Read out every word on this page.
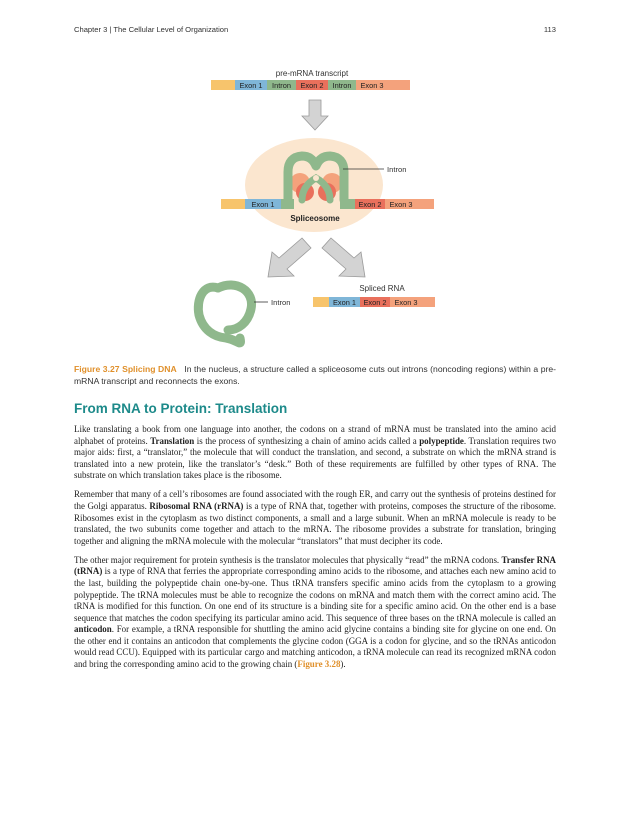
Chapter 3 | The Cellular Level of Organization	113
pre-mRNA transcript
Exon 1 Intron Exon 2 Intron Exon 3
Intron
Exon 1	Exon 2 Exon 3
Spliceosome
Intron
Spliced RNA
Exon 1 Exon 2 Exon 3
Figure 3.27 Splicing DNA In the nucleus, a structure called a spliceosome cuts out introns (noncoding regions) within a pre-mRNA transcript and reconnects the exons.
From RNA to Protein: Translation

Like translating a book from one language into another, the codons on a strand of mRNA must be translated into the amino acid alphabet of proteins. Translation is the process of synthesizing a chain of amino acids called a polypeptide. Translation requires two major aids: first, a “translator,” the molecule that will conduct the translation, and second, a substrate on which the mRNA strand is translated into a new protein, like the translator’s “desk.” Both of these requirements are fulfilled by other types of RNA. The substrate on which translation takes place is the ribosome.

Remember that many of a cell’s ribosomes are found associated with the rough ER, and carry out the synthesis of proteins destined for the Golgi apparatus. Ribosomal RNA (rRNA) is a type of RNA that, together with proteins, composes the structure of the ribosome. Ribosomes exist in the cytoplasm as two distinct components, a small and a large subunit. When an mRNA molecule is ready to be translated, the two subunits come together and attach to the mRNA. The ribosome provides a substrate for translation, bringing together and aligning the mRNA molecule with the molecular “translators” that must decipher its code.

The other major requirement for protein synthesis is the translator molecules that physically “read” the mRNA codons. Transfer RNA (tRNA) is a type of RNA that ferries the appropriate corresponding amino acids to the ribosome, and attaches each new amino acid to the last, building the polypeptide chain one-by-one. Thus tRNA transfers specific amino acids from the cytoplasm to a growing polypeptide. The tRNA molecules must be able to recognize the codons on mRNA and match them with the correct amino acid. The tRNA is modified for this function. On one end of its structure is a binding site for a specific amino acid. On the other end is a base sequence that matches the codon specifying its particular amino acid. This sequence of three bases on the tRNA molecule is called an anticodon. For example, a tRNA responsible for shuttling the amino acid glycine contains a binding site for glycine on one end. On the other end it contains an anticodon that complements the glycine codon (GGA is a codon for glycine, and so the tRNAs anticodon would read CCU). Equipped with its particular cargo and matching anticodon, a tRNA molecule can read its recognized mRNA codon and bring the corresponding amino acid to the growing chain (Figure 3.28).
